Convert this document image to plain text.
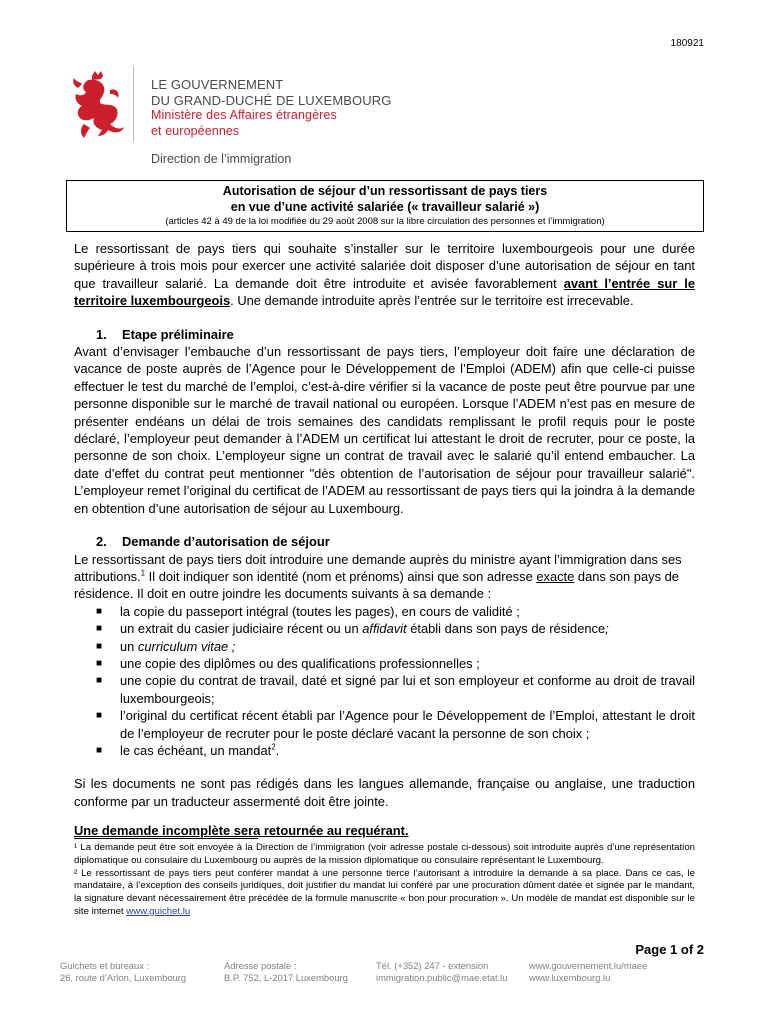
180921
LE GOUVERNEMENT
DU GRAND-DUCHÉ DE LUXEMBOURG
Ministère des Affaires étrangères
et européennes
Direction de l’immigration
Autorisation de séjour d’un ressortissant de pays tiers
en vue d’une activité salariée (« travailleur salarié »)
(articles 42 à 49 de la loi modifiée du 29 août 2008 sur la libre circulation des personnes et l’immigration)

Le ressortissant de pays tiers qui souhaite s’installer sur le territoire luxembourgeois pour une durée supérieure à trois mois pour exercer une activité salariée doit disposer d’une autorisation de séjour en tant que travailleur salarié. La demande doit être introduite et avisée favorablement avant l’entrée sur le territoire luxembourgeois. Une demande introduite après l’entrée sur le territoire est irrecevable.

1. Etape préliminaire

Avant d’envisager l’embauche d’un ressortissant de pays tiers, l’employeur doit faire une déclaration de vacance de poste auprès de l’Agence pour le Développement de l’Emploi (ADEM) afin que celle-ci puisse effectuer le test du marché de l’emploi, c’est-à-dire vérifier si la vacance de poste peut être pourvue par une personne disponible sur le marché de travail national ou européen. Lorsque l’ADEM n’est pas en mesure de présenter endéans un délai de trois semaines des candidats remplissant le profil requis pour le poste déclaré, l’employeur peut demander à l’ADEM un certificat lui attestant le droit de recruter, pour ce poste, la personne de son choix. L’employeur signe un contrat de travail avec le salarié qu’il entend embaucher. La date d’effet du contrat peut mentionner "dès obtention de l’autorisation de séjour pour travailleur salarié". L’employeur remet l’original du certificat de l’ADEM au ressortissant de pays tiers qui la joindra à la demande en obtention d’une autorisation de séjour au Luxembourg.

2. Demande d’autorisation de séjour

Le ressortissant de pays tiers doit introduire une demande auprès du ministre ayant l’immigration dans ses attributions.$^1$ Il doit indiquer son identité (nom et prénoms) ainsi que son adresse exacte dans son pays de résidence. Il doit en outre joindre les documents suivants à sa demande :

■ la copie du passeport intégral (toutes les pages), en cours de validité ;
■ un extrait du casier judiciaire récent ou un affidavit établi dans son pays de résidence;
■ un curriculum vitae ;
■ une copie des diplômes ou des qualifications professionnelles ;
■ une copie du contrat de travail, daté et signé par lui et son employeur et conforme au droit de travail luxembourgeois;
■ l’original du certificat récent établi par l’Agence pour le Développement de l’Emploi, attestant le droit de l’employeur de recruter pour le poste déclaré vacant la personne de son choix ;
■ le cas échéant, un mandat$^2$.

Si les documents ne sont pas rédigés dans les langues allemande, française ou anglaise, une traduction conforme par un traducteur assermenté doit être jointe.

Une demande incomplète sera retournée au requérant.

¹ La demande peut être soit envoyée à la Direction de l’immigration (voir adresse postale ci-dessous) soit introduite auprès d’une représentation diplomatique ou consulaire du Luxembourg ou auprès de la mission diplomatique ou consulaire représentant le Luxembourg.

² Le ressortissant de pays tiers peut conférer mandat à une personne tierce l’autorisant à introduire la demande à sa place. Dans ce cas, le mandataire, à l’exception des conseils juridiques, doit justifier du mandat lui conféré par une procuration dûment datée et signée par le mandant, la signature devant nécessairement être précédée de la formule manuscrite « bon pour procuration ». Un modèle de mandat est disponible sur le site internet www.guichet.lu

Page 1 of 2
Guichets et bureaux :
26, route d’Arlon, Luxembourg
Adresse postale :
B.P. 752, L-2017 Luxembourg
Tél. (+352) 247 - extension
immigration.public@mae.etat.lu
www.gouvernement.lu/maee
www.luxembourg.lu
